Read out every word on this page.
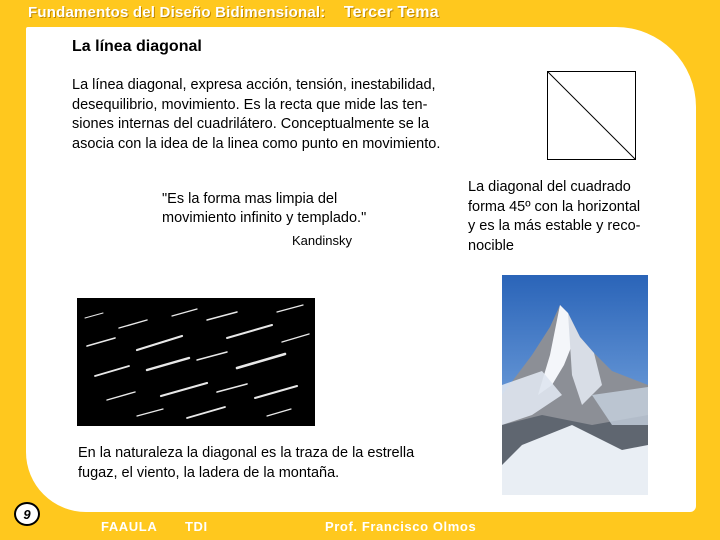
Fundamentos del Diseño Bidimensional: Tercer Tema
La línea diagonal
La línea diagonal, expresa acción, tensión, inestabilidad,
desequilibrio, movimiento. Es la recta que mide las ten-
siones internas del cuadrilátero. Conceptualmente se la
asocia con la idea de la linea como punto en movimiento.
"Es la forma mas limpia del
movimiento infinito y templado."
Kandinsky
La diagonal del cuadrado
forma 45º con la horizontal
y es la más estable y reco-
nocible
En la naturaleza la diagonal es la traza de la estrella
fugaz, el viento, la ladera de la montaña.
9
FAAULA TDI	Prof. Francisco Olmos
